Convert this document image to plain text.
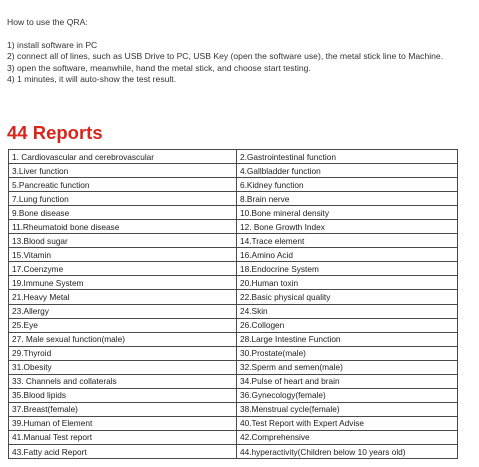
How to use the QRA:

1) install software in PC

2) connect all of lines, such as USB Drive to PC, USB Key (open the software use), the metal stick line to Machine.

3) open the software, meanwhile, hand the metal stick, and choose start testing.

4) 1 minutes, it will auto-show the test result.

44 Reports
1. Cardiovascular and cerebrovascular	2.Gastrointestinal function
3.Liver function	4.Gallbladder function
5.Pancreatic function	6.Kidney function
7.Lung function	8.Brain nerve
9.Bone disease	10.Bone mineral density
11.Rheumatoid bone disease	12. Bone Growth Index
13.Blood sugar	14.Trace element
15.Vitamin	16.Amino Acid
17.Coenzyme	18.Endocrine System
19.Immune System	20.Human toxin
21.Heavy Metal	22.Basic physical quality
23.Allergy	24.Skin
25.Eye	26.Collogen
27. Male sexual function(male)	28.Large Intestine Function
29.Thyroid	30.Prostate(male)
31.Obesity	32.Sperm and semen(male)
33. Channels and collaterals	34.Pulse of heart and brain
35.Blood lipids	36.Gynecology(female)
37.Breast(female)	38.Menstrual cycle(female)
39.Human of Element	40.Test Report with Expert Advise
41.Manual Test report	42.Comprehensive
43.Fatty acid Report	44.hyperactivity(Children below 10 years old)
